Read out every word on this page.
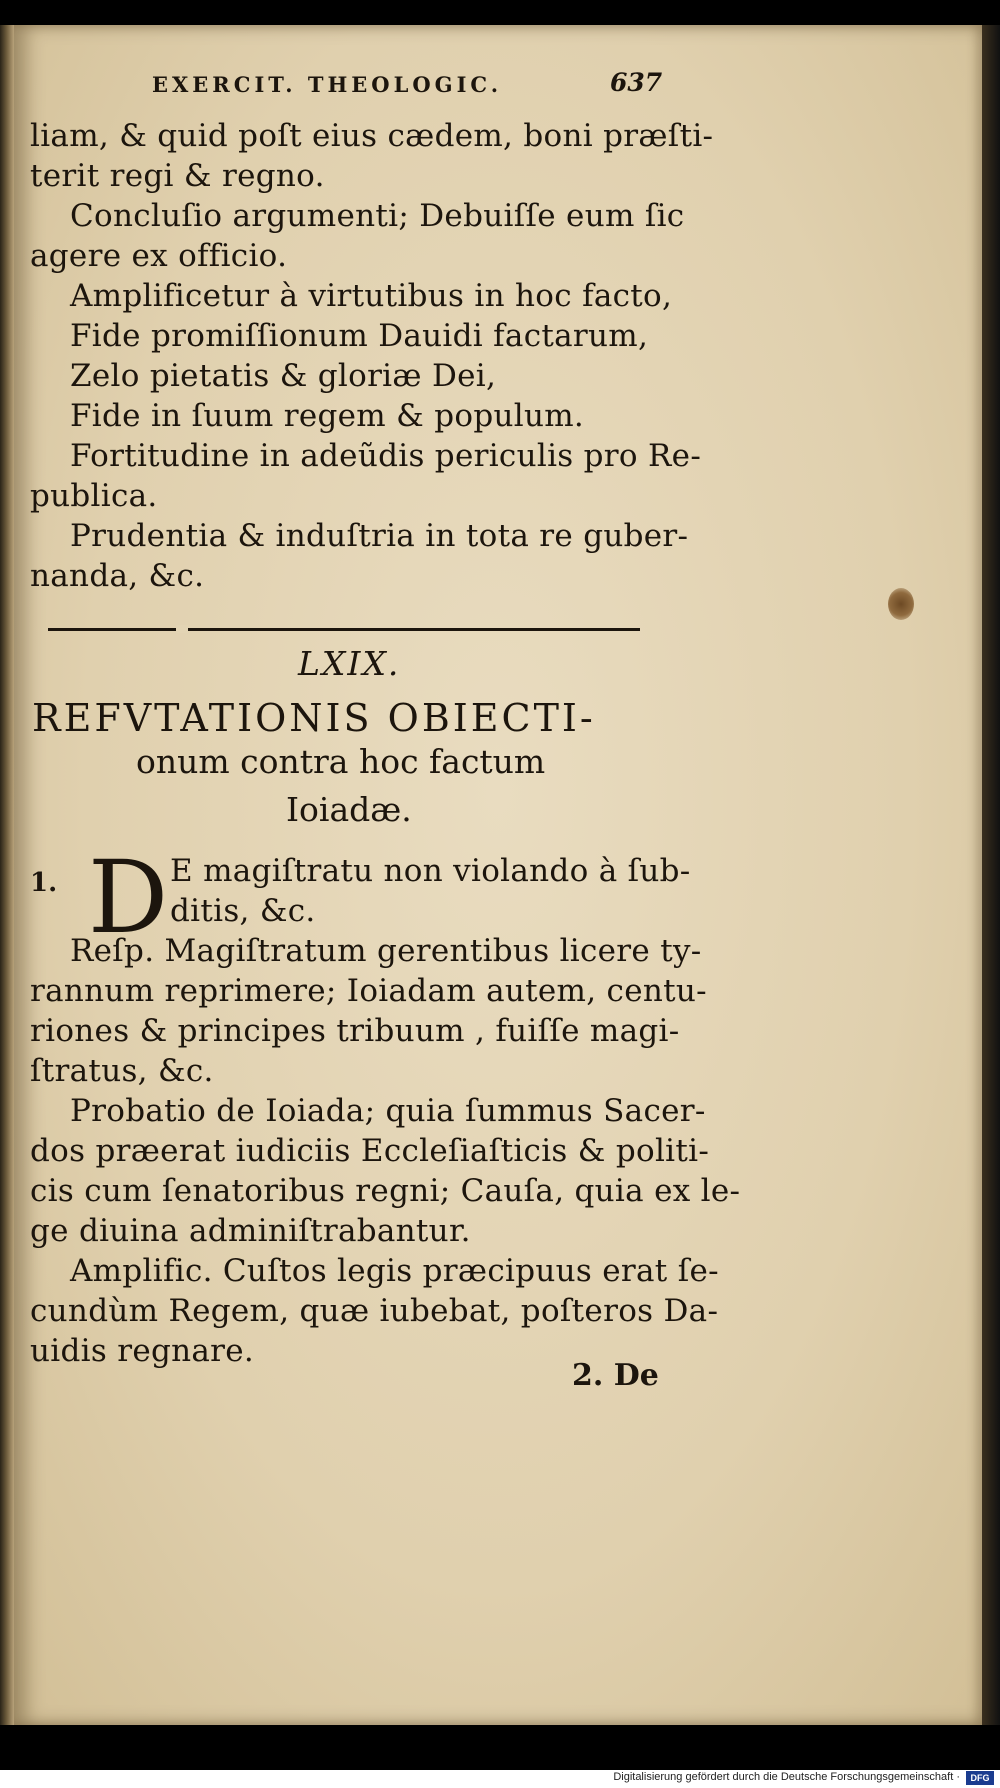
EXERCIT. THEOLOGIC.	637
liam, & quid poſt eius cædem, boni præſti-
terit regi & regno.
Concluſio argumenti; Debuiſſe eum ſic
agere ex officio.
Amplificetur à virtutibus in hoc facto,
Fide promiſſionum Dauidi factarum,
Zelo pietatis & gloriæ Dei,
Fide in ſuum regem & populum.
Fortitudine in adeũdis periculis pro Re-
publica.
Prudentia & induſtria in tota re guber-
nanda, &c.
LXIX.
REFVTATIONIS OBIECTI-
onum contra hoc factum
Ioiadæ.
1. D E magiſtratu non violando à ſub-
ditis, &c.
Reſp. Magiſtratum gerentibus licere ty-
rannum reprimere; Ioiadam autem, centu-
riones & principes tribuum , fuiſſe magi-
ſtratus, &c.
Probatio de Ioiada; quia ſummus Sacer-
dos præerat iudiciis Eccleſiaſticis & politi-
cis cum ſenatoribus regni; Cauſa, quia ex le-
ge diuina adminiſtrabantur.
Amplific. Cuſtos legis præcipuus erat ſe-
cundùm Regem, quæ iubebat, poſteros Da-
uidis regnare.
2. De
Digitalisierung gefördert durch die Deutsche Forschungsgemeinschaft ·	DFG
